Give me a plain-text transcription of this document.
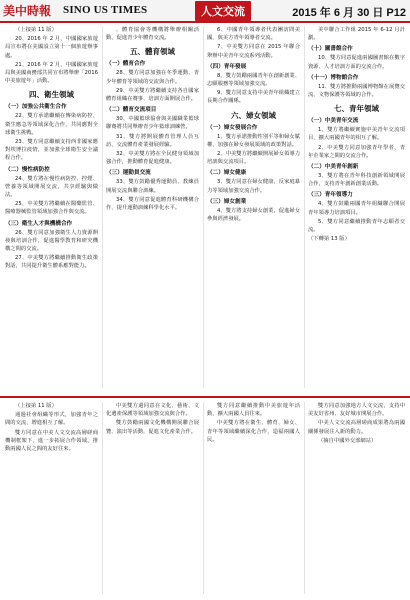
美中時報 SINO US TIMES	人文交流	2015 年 6 月 30 日 P12

（上接第 11 版）

20、2016 年 2 月，中國國家旅遊局宣布將在美國設立第十一個旅遊辦事處。

21、2016 年 2 月，中國國家旅遊局與美國商務部共同宣布將舉辦「2016 中美旅遊年」活動。

四、衛生領域
（一）加強公共衛生合作

22、雙方承諾繼續在傳染病防控、衛生應急等領域深化合作，共同應對全球衛生挑戰。

23、雙方同意繼續支持西非國家應對埃博拉疫情，並加強全球衛生安全議程合作。

（二）慢性病防控

24、雙方將在慢性病防控、控煙、營養等領域開展交流，共享經驗與做法。

25、中美雙方將繼續在醫藥監管、醫療器械監管領域加強合作與交流。

（三）衛生人才與機構合作

26、雙方同意加強衛生人力資源開發與培訓合作，促進醫學教育和研究機構之間的交流。

27、中美雙方將繼續推動衛生政策對話，共同提升衛生體系應對能力。

、體育協會等機構將舉辦相關活動，促進青少年體育交流。

五、體育領域
（一）體育合作

28、雙方同意加強在冬季運動、青少年體育等領域的交流與合作。

29、中美雙方將繼續支持各自國家體育組織在賽事、培訓方面開展合作。

（二）體育交流項目

30、中國籃球協會與美國職業籃球聯賽將共同舉辦青少年籃球訓練營。

31、雙方將開展體育管理人員互訪，交流體育產業發展經驗。

32、中美雙方將在全民健身領域加強合作，推動體育促進健康。

（三）運動員交流

33、雙方鼓勵優秀運動員、教練員開展交流與聯合訓練。

34、雙方同意促進體育科研機構合作，提升運動訓練科學化水平。

6、中國青年領導者代表團訪問美國，與美方青年領導者交流。

7、中美雙方同意在 2015 年聯合舉辦中美青年交流系列活動。

（四）青年發展

8、雙方鼓勵兩國青年在創新創業、志願服務等領域加強交流。

9、雙方同意支持中美青年組織建立長期合作關係。

六、婦女領域
（一）婦女發展合作

1、雙方承諾推動性別平等和婦女賦權，加強在婦女發展領域的政策對話。

2、中美雙方將繼續開展婦女領導力培訓與交流項目。

（二）婦女健康

3、雙方同意在婦女健康、反家庭暴力等領域加強交流合作。

（三）婦女創業

4、雙方將支持婦女創業，促進婦女參與經濟發展。

美中聯合工作組 2015 年 6-12 月計劃。

（十）圖書館合作

10、雙方同意促進兩國圖書館在數字資源、人才培訓方面的交流合作。

（十一）博物館合作

11、雙方將推動兩國博物館在展覽交流、文物保護等領域的合作。

七、青年領域
（一）中美青年交流

1、雙方將繼續實施中美青年交流項目，擴大兩國青年的相互了解。

2、中美雙方同意加強青年學者、青年企業家之間的交流合作。

（二）中美青年創新

3、雙方將在青年科技創新領域開展合作，支持青年創新創業活動。

（三）青年領導力

4、雙方鼓勵兩國青年組織聯合開展青年領導力培訓項目。

5、雙方同意繼續推動青年志願者交流。

（下轉第 13 版）

（上接第 11 版）

通過社會組織等形式，加強青年之間的交流，增進相互了解。

雙方同意在中美人文交流高層磋商機制框架下，進一步拓展合作領域，推動兩國人民之間的友好往來。

中美雙方還同意在文化、藝術、文化遺產保護等領域加強交流與合作。

雙方鼓勵兩國文化機構開展聯合展覽、演出等活動，促進文化產業合作。

雙方同意繼續推動中美旅遊年活動，擴大兩國人員往來。

中美雙方將在衛生、體育、婦女、青年等領域繼續深化合作，造福兩國人民。

雙方同意加強地方人文交流，支持中美友好省州、友好城市開展合作。

中美人文交流高層磋商成果將為兩國關係發展注入新的動力。

（摘自中國外交部網站）
